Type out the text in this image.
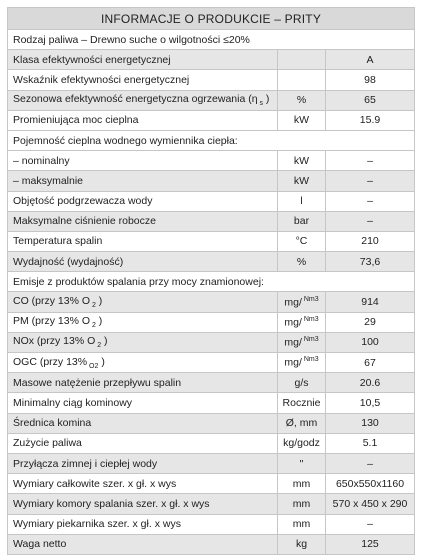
INFORMACJE O PRODUKCIE – PRITY		
Rodzaj paliwa – Drewno suche o wilgotności ≤20%		
Klasa efektywności energetycznej		A
Wskaźnik efektywności energetycznej		98
Sezonowa efektywność energetyczna ogrzewania (η $_s$ )	%	65
Promieniująca moc cieplna	kW	15.9
Pojemność cieplna wodnego wymiennika ciepła:		
– nominalny	kW	–
– maksymalnie	kW	–
Objętość podgrzewacza wody	l	–
Maksymalne ciśnienie robocze	bar	–
Temperatura spalin	°C	210
Wydajność (wydajność)	%	73,6
Emisje z produktów spalania przy mocy znamionowej:		
CO (przy 13% O $_2$ )	mg/ $^{Nm3}$	914
PM (przy 13% O $_2$ )	mg/ $^{Nm3}$	29
NOx (przy 13% O $_2$ )	mg/ $^{Nm3}$	100
OGC (przy 13% $_{O2}$ )	mg/ $^{Nm3}$	67
Masowe natężenie przepływu spalin	g/s	20.6
Minimalny ciąg kominowy	Rocznie	10,5
Średnica komina	Ø, mm	130
Zużycie paliwa	kg/godz	5.1
Przyłącza zimnej i ciepłej wody	"	–
Wymiary całkowite szer. x gł. x wys	mm	650x550x1160
Wymiary komory spalania szer. x gł. x wys	mm	570 x 450 x 290
Wymiary piekarnika szer. x gł. x wys	mm	–
Waga netto	kg	125
